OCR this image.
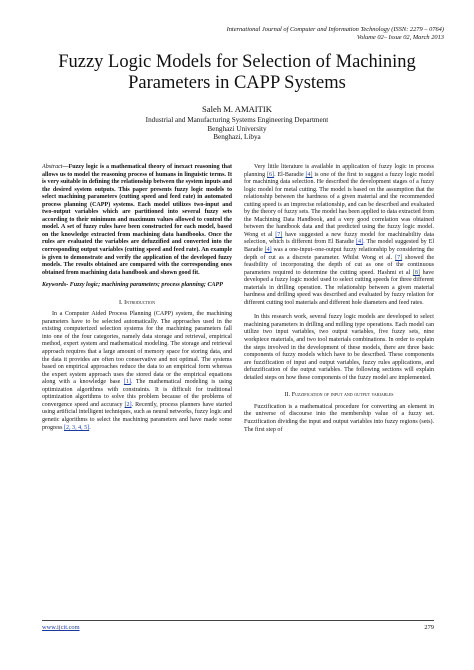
International Journal of Computer and Information Technology (ISSN: 2279 – 0764)
Volume 02– Issue 02, March 2013
Fuzzy Logic Models for Selection of Machining
Parameters in CAPP Systems
Saleh M. AMAITIK
Industrial and Manufacturing Systems Engineering Department
Benghazi University
Benghazi, Libya

Abstract—Fuzzy logic is a mathematical theory of inexact reasoning that allows us to model the reasoning process of humans in linguistic terms. It is very suitable in defining the relationship between the system inputs and the desired system outputs. This paper presents fuzzy logic models to select machining parameters (cutting speed and feed rate) in automated process planning (CAPP) systems. Each model utilizes two-input and two-output variables which are partitioned into several fuzzy sets according to their minimum and maximum values allowed to control the model. A set of fuzzy rules have been constructed for each model, based on the knowledge extracted from machining data handbooks. Once the rules are evaluated the variables are defuzzified and converted into the corresponding output variables (cutting speed and feed rate). An example is given to demonstrate and verify the application of the developed fuzzy models. The results obtained are compared with the corresponding ones obtained from machining data handbook and shown good fit.

Keywords- Fuzzy logic; machining parameters; process planning; CAPP

I. Introduction

In a Computer Aided Process Planning (CAPP) system, the machining parameters have to be selected automatically. The approaches used in the existing computerized selection systems for the machining parameters fall into one of the four categories, namely data storage and retrieval, empirical method, expert system and mathematical modeling. The storage and retrieval approach requires that a large amount of memory space for storing data, and the data it provides are often too conservative and not optimal. The systems based on empirical approaches reduce the data to an empirical form whereas the expert system approach uses the stored data or the empirical equations along with a knowledge base [1]. The mathematical modeling is using optimization algorithms with constraints. It is difficult for traditional optimization algorithms to solve this problem because of the problems of convergence speed and accuracy [2]. Recently, process planners have started using artificial intelligent techniques, such as neural networks, fuzzy logic and genetic algorithms to select the machining parameters and have made some progress [2, 3, 4, 5].

Very little literature is available in application of fuzzy logic in process planning [6]. El-Baradie [4] is one of the first to suggest a fuzzy logic model for machining data selection. He described the development stages of a fuzzy logic model for metal cutting. The model is based on the assumption that the relationship between the hardness of a given material and the recommended cutting speed is an imprecise relationship, and can be described and evaluated by the theory of fuzzy sets. The model has been applied to data extracted from the Machining Data Handbook, and a very good correlation was obtained between the handbook data and that predicted using the fuzzy logic model. Wong et al [7] have suggested a new fuzzy model for machinability data selection, which is different from El Baradie [4]. The model suggested by El Baradie [4] was a one-input–one-output fuzzy relationship by considering the depth of cut as a discrete parameter. Whilst Wong et al. [7] showed the feasibility of incorporating the depth of cut as one of the continuous parameters required to determine the cutting speed. Hashmi et al [8] have developed a fuzzy logic model used to select cutting speeds for three different materials in drilling operation. The relationship between a given material hardness and drilling speed was described and evaluated by fuzzy relation for different cutting tool materials and different hole diameters and feed rates.

In this research work, several fuzzy logic models are developed to select machining parameters in drilling and milling type operations. Each model can utilize two input variables, two output variables, five fuzzy sets, nine workpiece materials, and two tool materials combinations. In order to explain the steps involved in the development of these models, there are three basic components of fuzzy models which have to be described. These components are fuzzification of input and output variables, fuzzy rules applications, and defuzzification of the output variables. The following sections will explain detailed steps on how these components of the fuzzy model are implemented.

II. Fuzzification of input and output variables

Fuzzification is a mathematical procedure for converting an element in the universe of discourse into the membership value of a fuzzy set. Fuzzification dividing the input and output variables into fuzzy regions (sets). The first step of

www.ijcit.com	279
